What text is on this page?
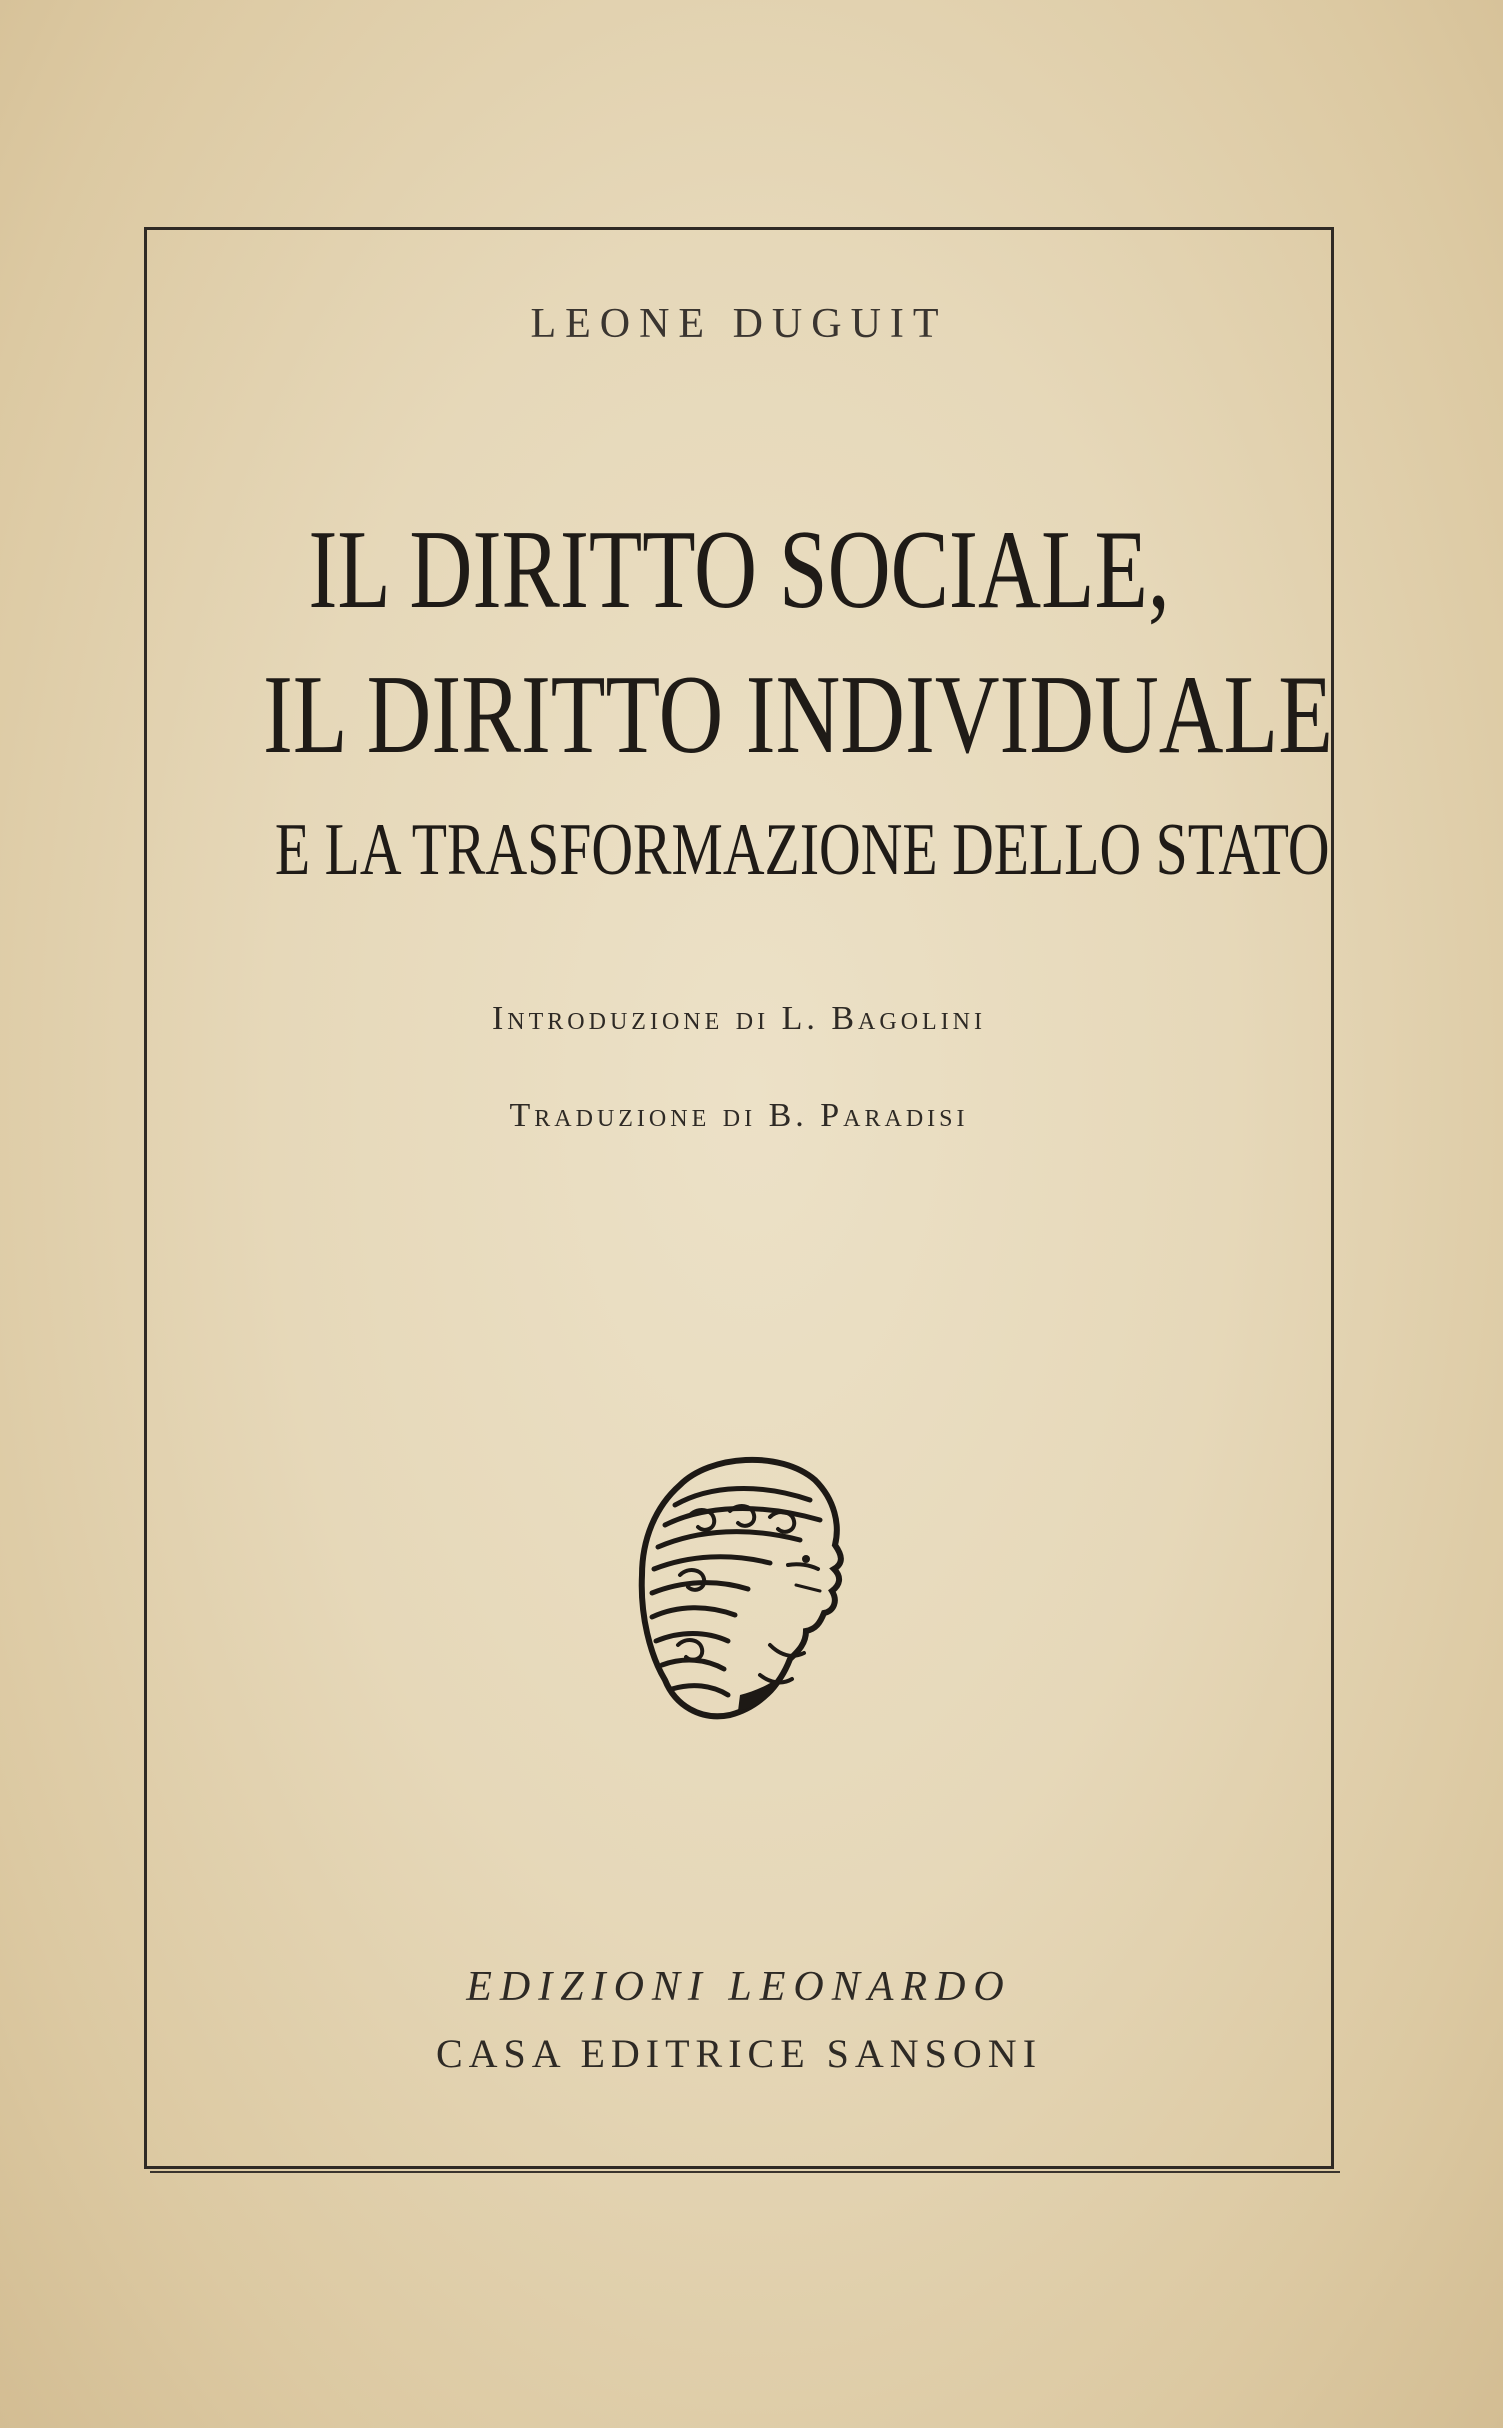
LEONE DUGUIT
IL DIRITTO SOCIALE,
IL DIRITTO INDIVIDUALE
E LA TRASFORMAZIONE DELLO STATO
Introduzione di L. Bagolini
Traduzione di B. Paradisi
EDIZIONI LEONARDO
CASA EDITRICE SANSONI
